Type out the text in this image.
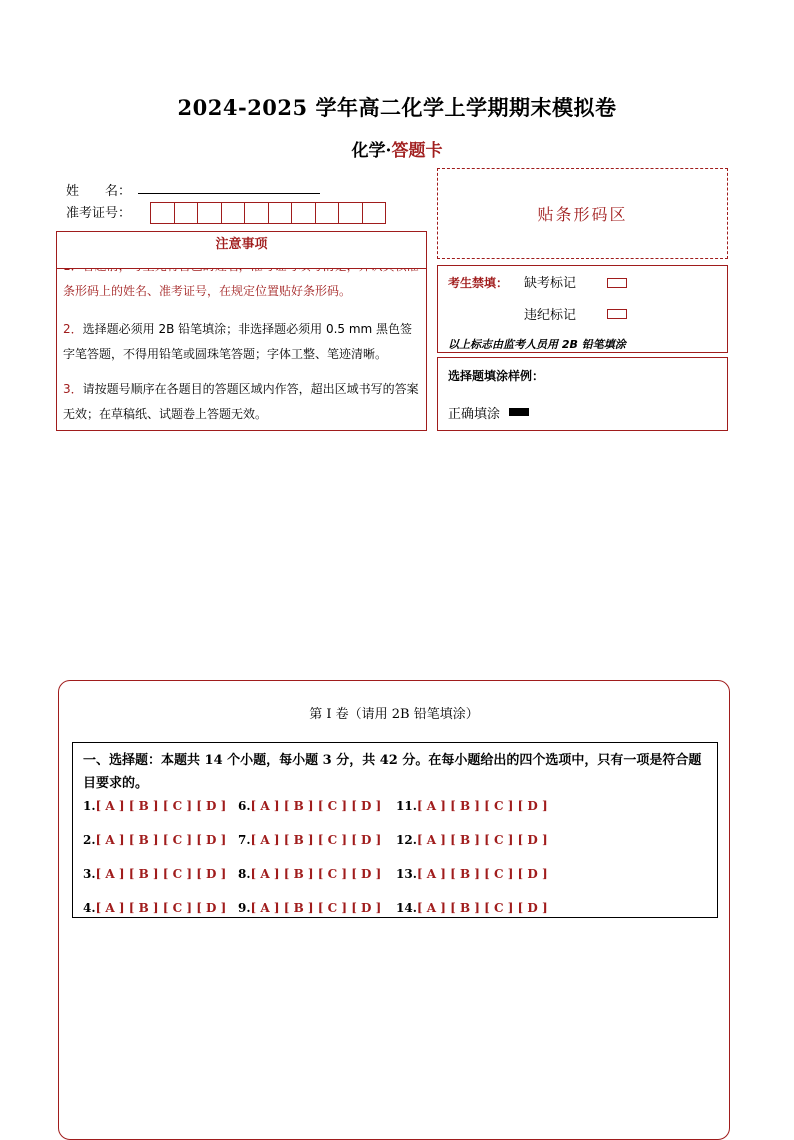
2024-2025 学年高二化学上学期期末模拟卷
化学·答题卡
姓　　名：
准考证号：	贴条形码区
注意事项
条形码上的姓名、准考证号，在规定位置贴好条形码。
2．选择题必须用 2B 铅笔填涂；非选择题必须用 0.5 mm 黑色签字笔答题，不得用铅笔或圆珠笔答题；字体工整、笔迹清晰。
3．请按题号顺序在各题目的答题区域内作答，超出区域书写的答案无效；在草稿纸、试题卷上答题无效。
考生禁填： 缺考标记
违纪标记
以上标志由监考人员用 2B 铅笔填涂
选择题填涂样例：
正确填涂
第 I 卷（请用 2B 铅笔填涂）
一、选择题：本题共 14 个小题，每小题 3 分，共 42 分。在每小题给出的四个选项中，只有一项是符合题目要求的。
1.[ A ] [ B ] [ C ] [ D ]
2.[ A ] [ B ] [ C ] [ D ]
3.[ A ] [ B ] [ C ] [ D ]
4.[ A ] [ B ] [ C ] [ D ]
6.[ A ] [ B ] [ C ] [ D ]
7.[ A ] [ B ] [ C ] [ D ]
8.[ A ] [ B ] [ C ] [ D ]
9.[ A ] [ B ] [ C ] [ D ]
11.[ A ] [ B ] [ C ] [ D ]
12.[ A ] [ B ] [ C ] [ D ]
13.[ A ] [ B ] [ C ] [ D ]
14.[ A ] [ B ] [ C ] [ D ]
